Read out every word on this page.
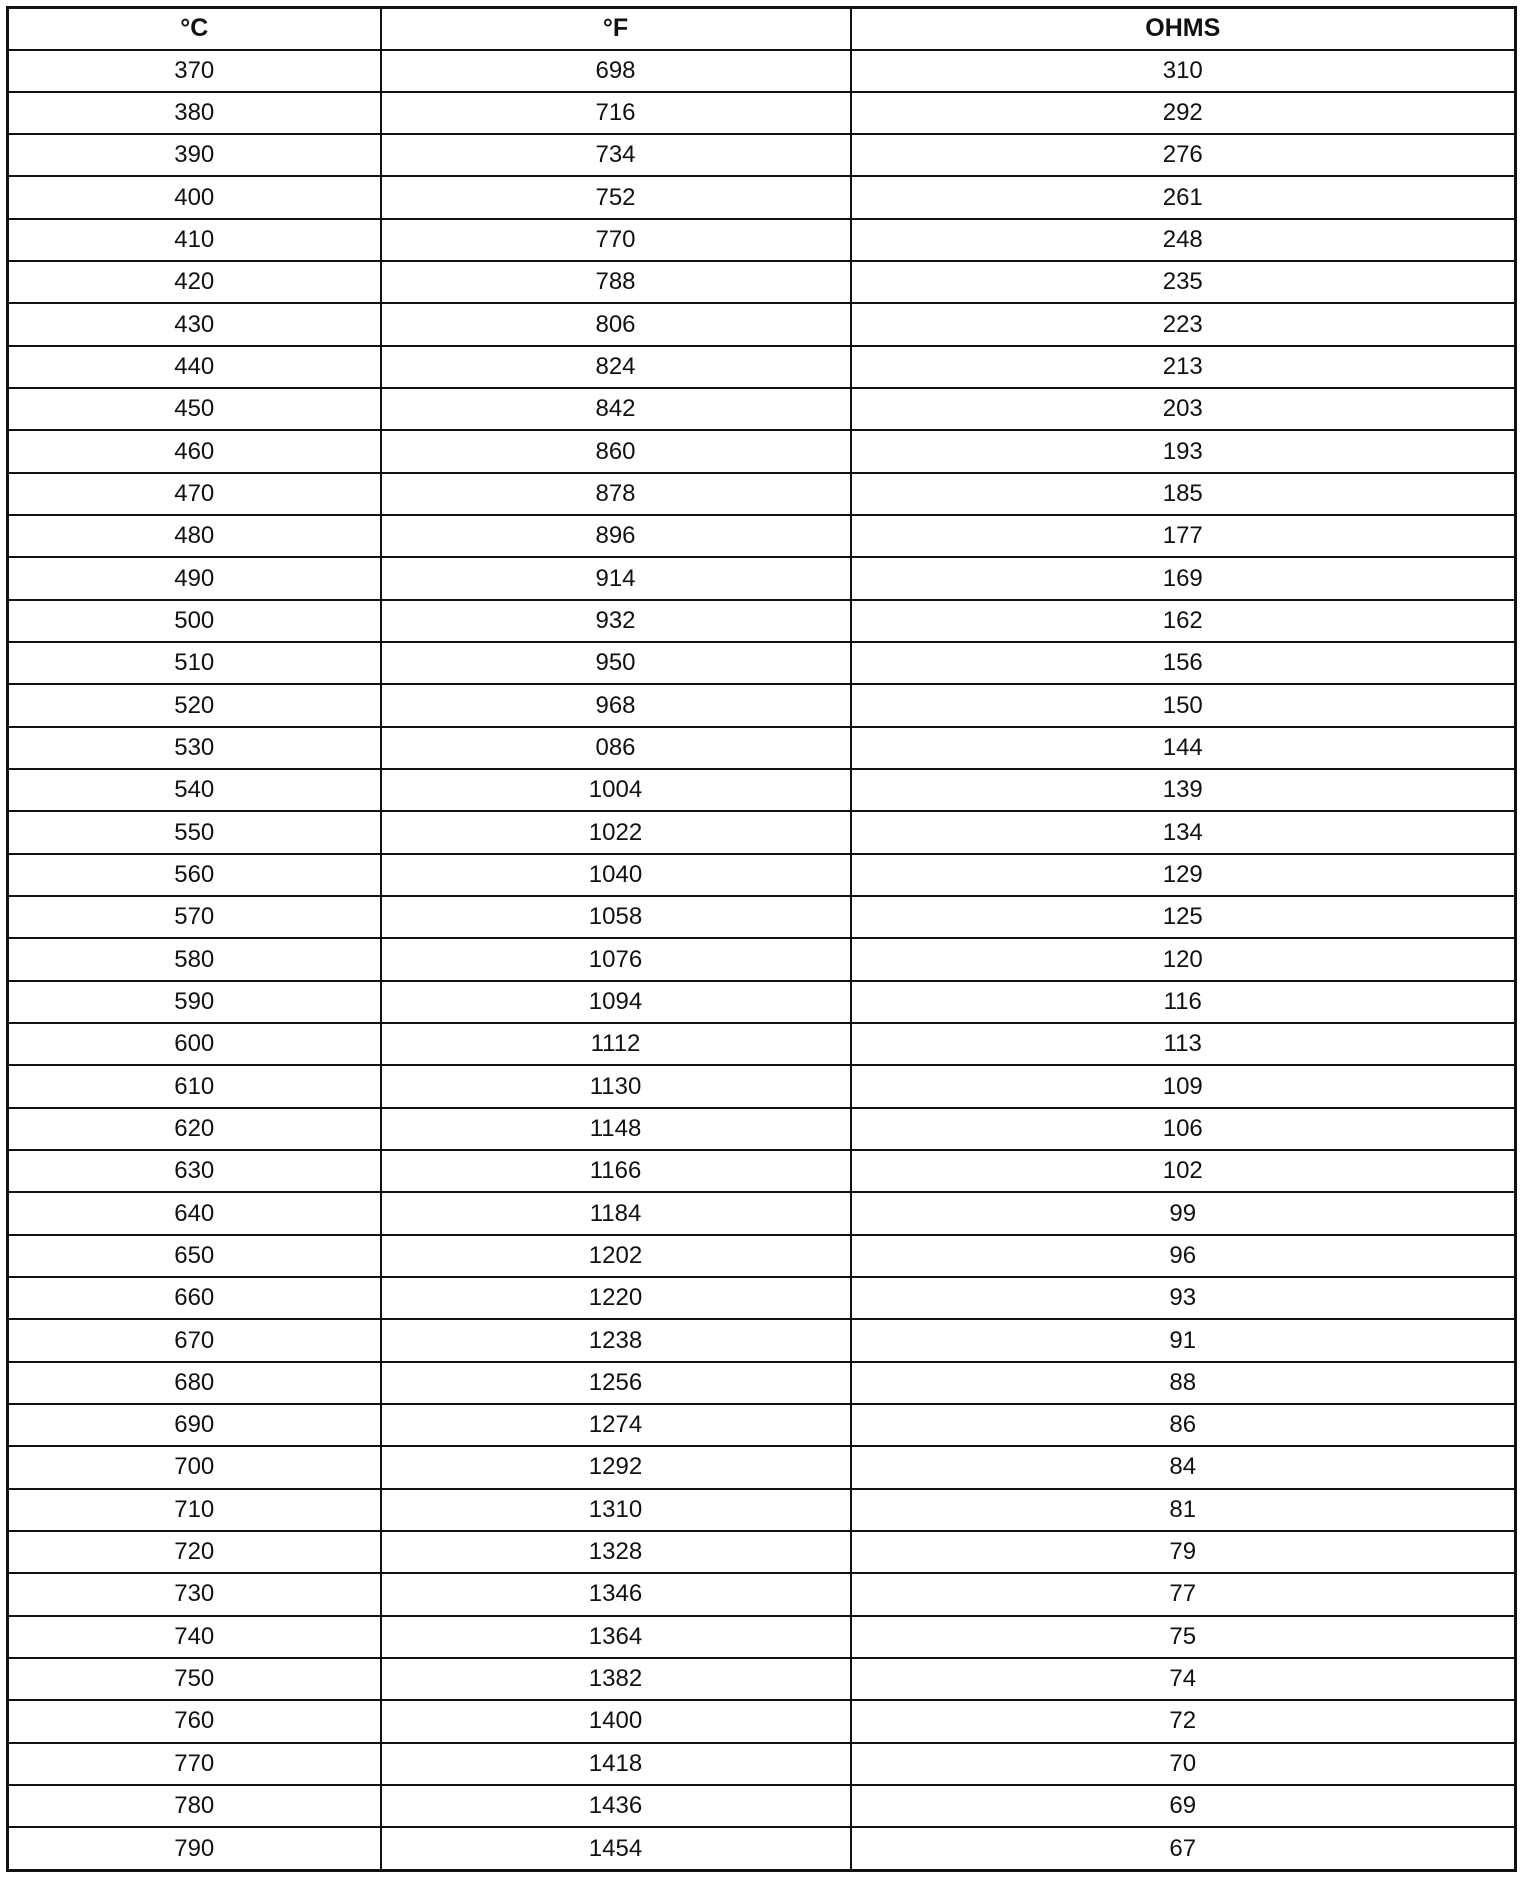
°C	°F	OHMS
370	698	310
380	716	292
390	734	276
400	752	261
410	770	248
420	788	235
430	806	223
440	824	213
450	842	203
460	860	193
470	878	185
480	896	177
490	914	169
500	932	162
510	950	156
520	968	150
530	086	144
540	1004	139
550	1022	134
560	1040	129
570	1058	125
580	1076	120
590	1094	116
600	1112	113
610	1130	109
620	1148	106
630	1166	102
640	1184	99
650	1202	96
660	1220	93
670	1238	91
680	1256	88
690	1274	86
700	1292	84
710	1310	81
720	1328	79
730	1346	77
740	1364	75
750	1382	74
760	1400	72
770	1418	70
780	1436	69
790	1454	67
